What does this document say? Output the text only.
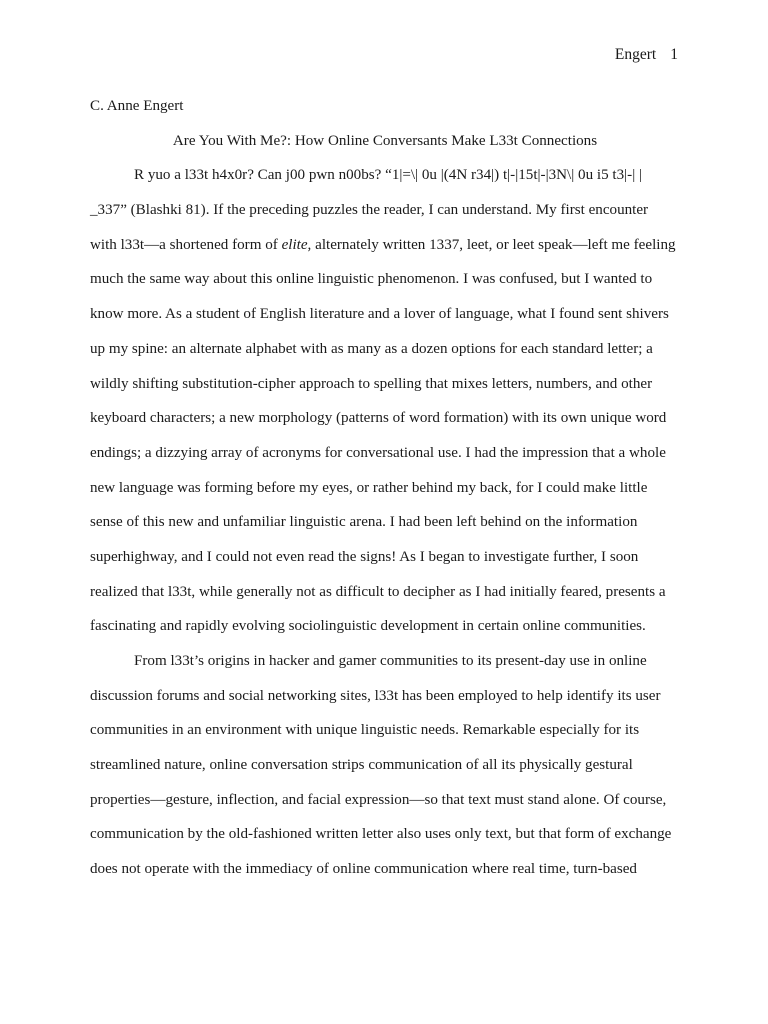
Engert 1
C. Anne Engert
Are You With Me?: How Online Conversants Make L33t Connections
R yuo a l33t h4x0r? Can j00 pwn n00bs? “1|=\| 0u |(4N r34|) t|-|15t|-|3N\| 0u i5 t3|-| |
_337” (Blashki 81). If the preceding puzzles the reader, I can understand. My first encounter
with l33t—a shortened form of elite, alternately written 1337, leet, or leet speak—left me feeling
much the same way about this online linguistic phenomenon. I was confused, but I wanted to
know more. As a student of English literature and a lover of language, what I found sent shivers
up my spine: an alternate alphabet with as many as a dozen options for each standard letter; a
wildly shifting substitution-cipher approach to spelling that mixes letters, numbers, and other
keyboard characters; a new morphology (patterns of word formation) with its own unique word
endings; a dizzying array of acronyms for conversational use. I had the impression that a whole
new language was forming before my eyes, or rather behind my back, for I could make little
sense of this new and unfamiliar linguistic arena. I had been left behind on the information
superhighway, and I could not even read the signs! As I began to investigate further, I soon
realized that l33t, while generally not as difficult to decipher as I had initially feared, presents a
fascinating and rapidly evolving sociolinguistic development in certain online communities.
From l33t’s origins in hacker and gamer communities to its present-day use in online
discussion forums and social networking sites, l33t has been employed to help identify its user
communities in an environment with unique linguistic needs. Remarkable especially for its
streamlined nature, online conversation strips communication of all its physically gestural
properties—gesture, inflection, and facial expression—so that text must stand alone. Of course,
communication by the old-fashioned written letter also uses only text, but that form of exchange
does not operate with the immediacy of online communication where real time, turn-based
